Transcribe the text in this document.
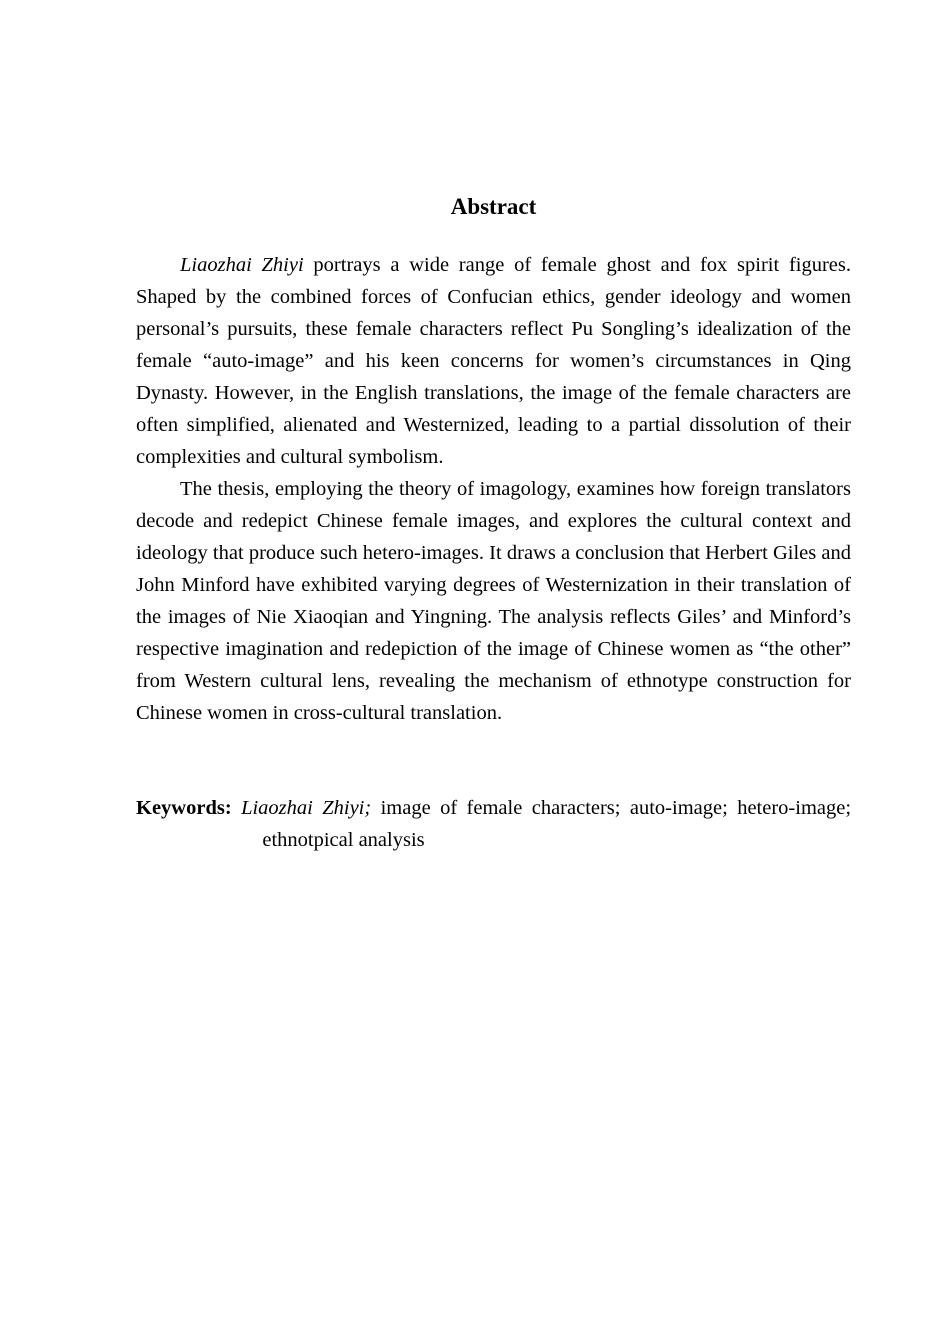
Abstract

Liaozhai Zhiyi portrays a wide range of female ghost and fox spirit figures. Shaped by the combined forces of Confucian ethics, gender ideology and women personal’s pursuits, these female characters reflect Pu Songling’s idealization of the female “auto-image” and his keen concerns for women’s circumstances in Qing Dynasty. However, in the English translations, the image of the female characters are often simplified, alienated and Westernized, leading to a partial dissolution of their complexities and cultural symbolism.

The thesis, employing the theory of imagology, examines how foreign translators decode and redepict Chinese female images, and explores the cultural context and ideology that produce such hetero-images. It draws a conclusion that Herbert Giles and John Minford have exhibited varying degrees of Westernization in their translation of the images of Nie Xiaoqian and Yingning. The analysis reflects Giles’ and Minford’s respective imagination and redepiction of the image of Chinese women as “the other” from Western cultural lens, revealing the mechanism of ethnotype construction for Chinese women in cross-cultural translation.

Keywords: Liaozhai Zhiyi; image of female characters; auto-image; hetero-image;   ethnotpical analysis
